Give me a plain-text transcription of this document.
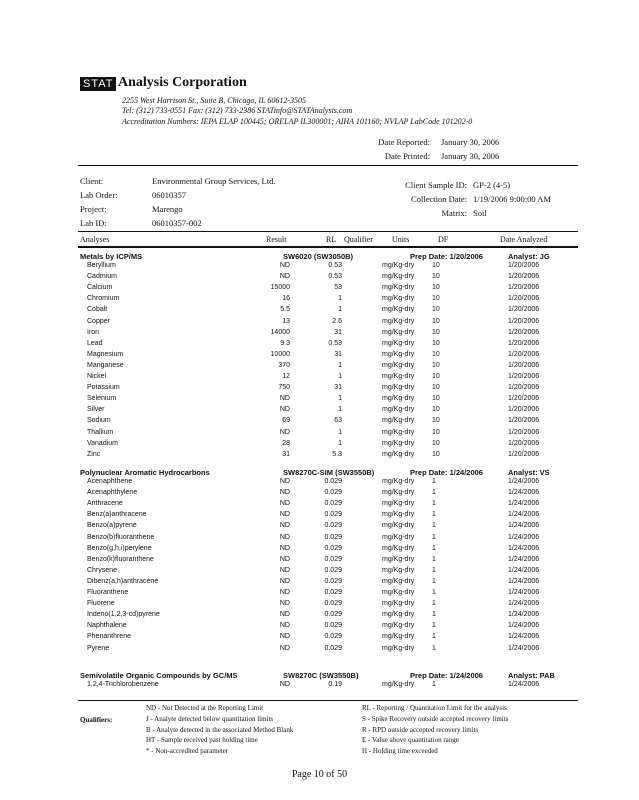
STAT Analysis Corporation
2255 West Harrison St., Suite B, Chicago, IL 60612-3505
Tel: (312) 733-0551 Fax: (312) 733-2386 STATinfo@STATAnalysis.com
Accreditation Numbers: IEPA ELAP 100445; ORELAP IL300001; AIHA 101160; NVLAP LabCode 101202-0
Date Reported: January 30, 2006
Date Printed: January 30, 2006
Client:	Environmental Group Services, Ltd.
Lab Order:	06010357
Project:	Marengo
Lab ID:	06010357-002
Client Sample ID: GP-2 (4-5)
Collection Date: 1/19/2006 9:00:00 AM
Matrix: Soil
Analyses	Result	RL Qualifier Units	DF	Date Analyzed
Metals by ICP/MS	SW6020 (SW3050B)	Prep Date: 1/20/2006	Analyst: JG
Beryllium	ND	0.53	mg/Kg-dry	10	1/20/2006
Cadmium	ND	0.53	mg/Kg-dry	10	1/20/2006
Calcium	15000	53	mg/Kg-dry	10	1/20/2006
Chromium	16	1	mg/Kg-dry	10	1/20/2006
Cobalt	5.5	1	mg/Kg-dry	10	1/20/2006
Copper	13	2.6	mg/Kg-dry	10	1/20/2006
Iron	14000	31	mg/Kg-dry	10	1/20/2006
Lead	9.3	0.53	mg/Kg-dry	10	1/20/2006
Magnesium	10000	31	mg/Kg-dry	10	1/20/2006
Manganese	370	1	mg/Kg-dry	10	1/20/2006
Nickel	12	1	mg/Kg-dry	10	1/20/2006
Potassium	750	31	mg/Kg-dry	10	1/20/2006
Selenium	ND	1	mg/Kg-dry	10	1/20/2006
Silver	ND	1	mg/Kg-dry	10	1/20/2006
Sodium	69	63	mg/Kg-dry	10	1/20/2006
Thallium	ND	1	mg/Kg-dry	10	1/20/2006
Vanadium	28	1	mg/Kg-dry	10	1/20/2006
Zinc	31	5.3	mg/Kg-dry	10	1/20/2006
Polynuclear Aromatic Hydrocarbons	SW8270C-SIM (SW3550B)	Prep Date: 1/24/2006	Analyst: VS
Acenaphthene	ND	0.029	mg/Kg-dry	1	1/24/2006
Acenaphthylene	ND	0.029	mg/Kg-dry	1	1/24/2006
Anthracene	ND	0.029	mg/Kg-dry	1	1/24/2006
Benz(a)anthracene	ND	0.029	mg/Kg-dry	1	1/24/2006
Benzo(a)pyrene	ND	0.029	mg/Kg-dry	1	1/24/2006
Benzo(b)fluoranthene	ND	0.029	mg/Kg-dry	1	1/24/2006
Benzo(g,h,i)perylene	ND	0.029	mg/Kg-dry	1	1/24/2006
Benzo(k)fluoranthene	ND	0.029	mg/Kg-dry	1	1/24/2006
Chrysene	ND	0.029	mg/Kg-dry	1	1/24/2006
Dibenz(a,h)anthracene	ND	0.029	mg/Kg-dry	1	1/24/2006
Fluoranthene	ND	0.029	mg/Kg-dry	1	1/24/2006
Fluorene	ND	0.029	mg/Kg-dry	1	1/24/2006
Indeno(1,2,3-cd)pyrene	ND	0.029	mg/Kg-dry	1	1/24/2006
Naphthalene	ND	0.029	mg/Kg-dry	1	1/24/2006
Phenanthrene	ND	0.029	mg/Kg-dry	1	1/24/2006
Pyrene	ND	0.029	mg/Kg-dry	1	1/24/2006
Semivolatile Organic Compounds by GC/MS	SW8270C (SW3550B)	Prep Date: 1/24/2006	Analyst: PAB
1,2,4-Trichlorobenzene	ND	0.19	mg/Kg-dry	1	1/24/2006
Qualifiers:
ND - Not Detected at the Reporting Limit
J - Analyte detected below quantitation limits
B - Analyte detected in the associated Method Blank
HT - Sample received past holding time
* - Non-accredited parameter
RL - Reporting / Quantitation Limit for the analysis
S - Spike Recovery outside accepted recovery limits
R - RPD outside accepted recovery limits
E - Value above quantitation range
H - Holding time exceeded
Page 10 of 50
